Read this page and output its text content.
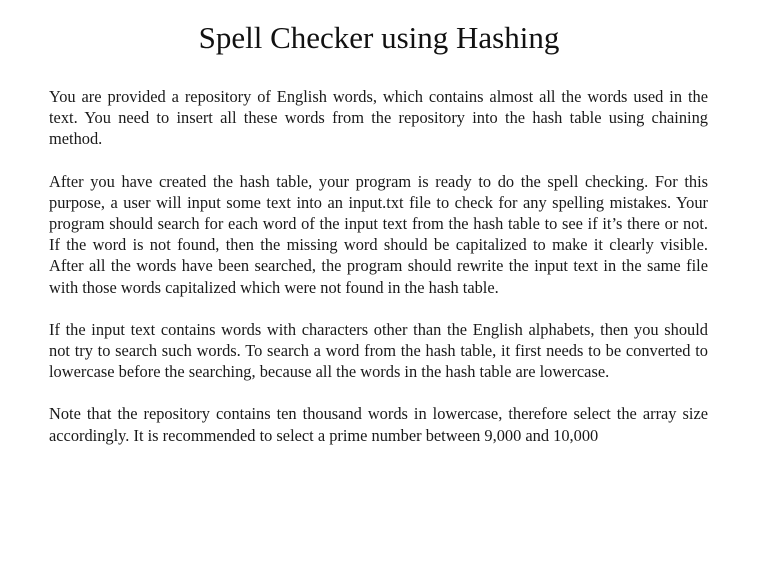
Spell Checker using Hashing

You are provided a repository of English words, which contains almost all the words used in the text. You need to insert all these words from the repository into the hash table using chaining method.

After you have created the hash table, your program is ready to do the spell checking. For this purpose, a user will input some text into an input.txt file to check for any spelling mistakes. Your program should search for each word of the input text from the hash table to see if it’s there or not. If the word is not found, then the missing word should be capitalized to make it clearly visible. After all the words have been searched, the program should rewrite the input text in the same file with those words capitalized which were not found in the hash table.

If the input text contains words with characters other than the English alphabets, then you should not try to search such words. To search a word from the hash table, it first needs to be converted to lowercase before the searching, because all the words in the hash table are lowercase.

Note that the repository contains ten thousand words in lowercase, therefore select the array size accordingly. It is recommended to select a prime number between 9,000 and 10,000
